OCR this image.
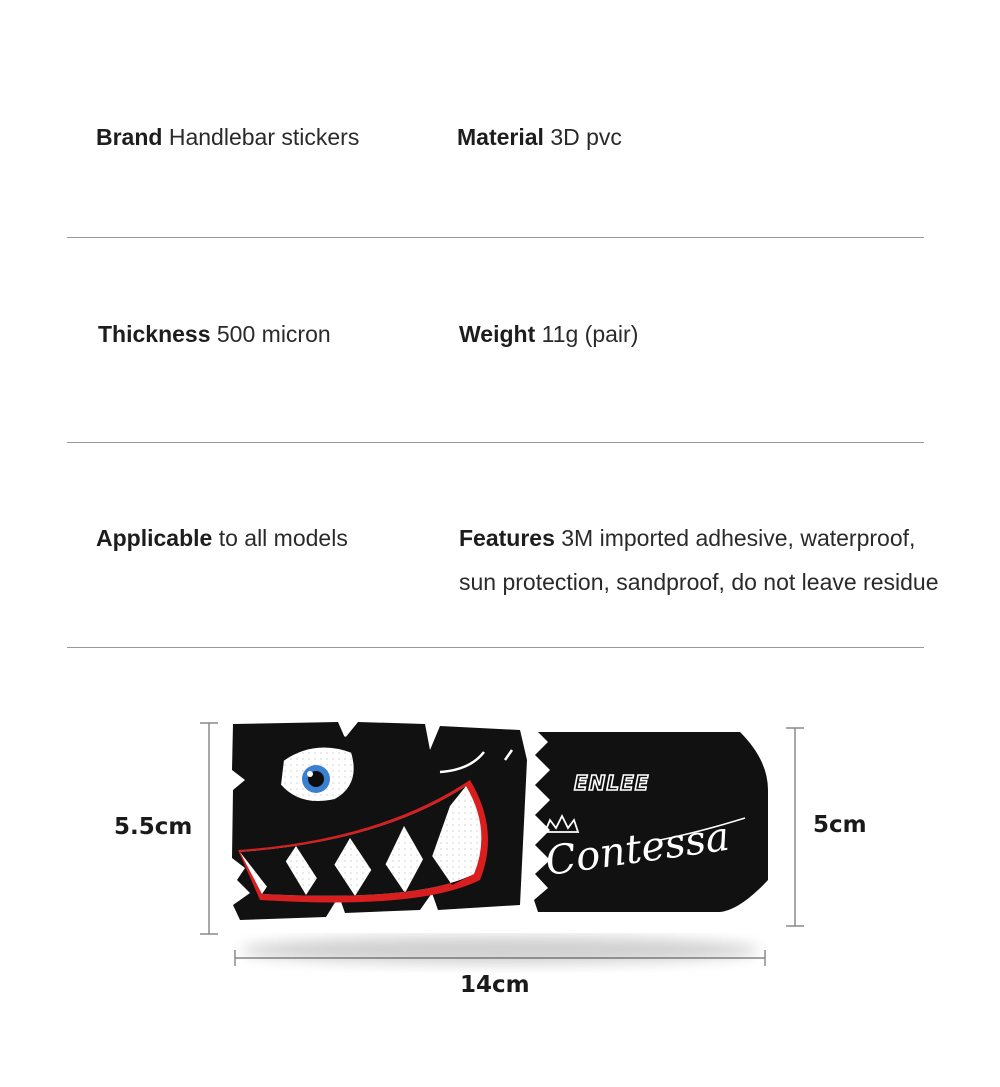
Brand Handlebar stickers	Material 3D pvc
Thickness 500 micron	Weight 11g (pair)
Applicable to all models	Features 3M imported adhesive, waterproof,
sun protection, sandproof, do not leave residue
ENLEE
Contessa
5.5cm	5cm
14cm
